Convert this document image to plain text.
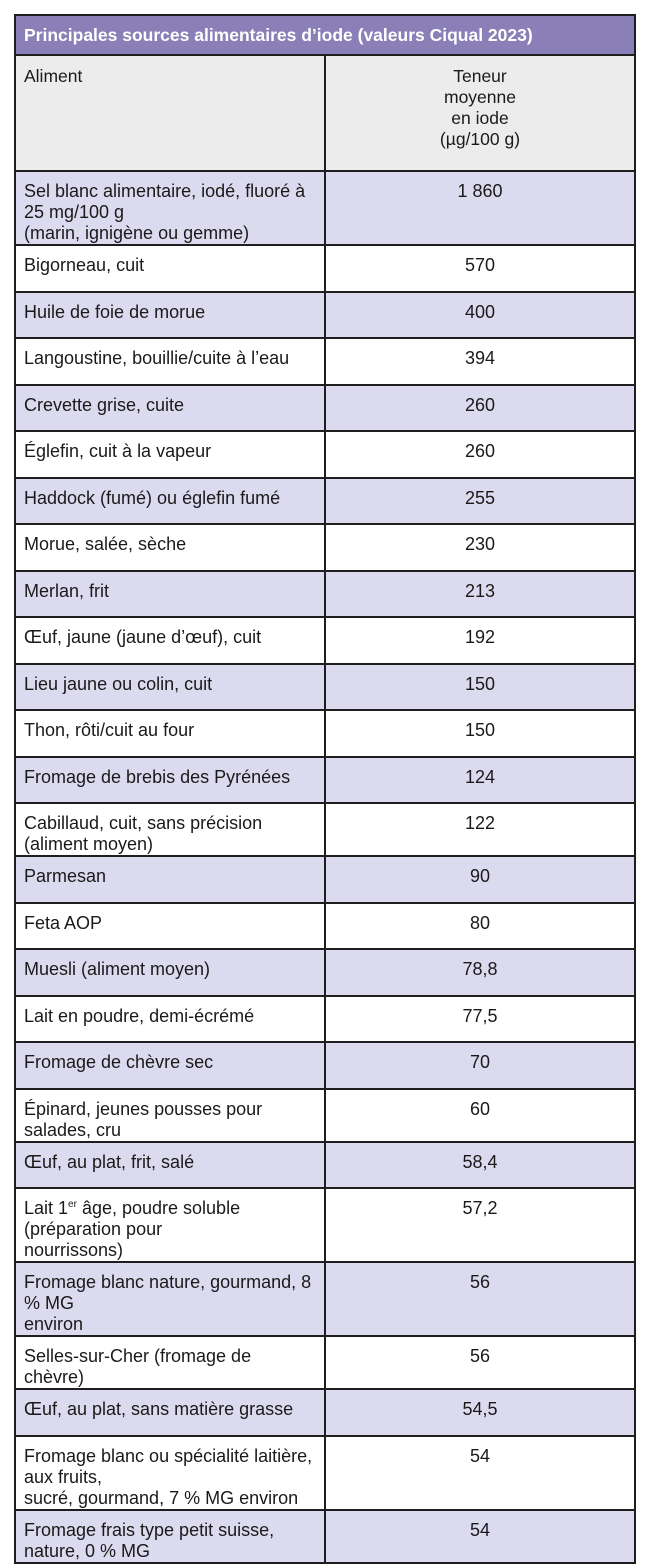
Principales sources alimentaires d’iode (valeurs Ciqual 2023)	
Aliment	Teneur
moyenne
en iode
(µg/100 g)

Sel blanc alimentaire, iodé, fluoré à 25 mg/100 g
(marin, ignigène ou gemme)	1 860

Bigorneau, cuit	570

Huile de foie de morue	400

Langoustine, bouillie/cuite à l’eau	394

Crevette grise, cuite	260

Églefin, cuit à la vapeur	260

Haddock (fumé) ou églefin fumé	255

Morue, salée, sèche	230

Merlan, frit	213

Œuf, jaune (jaune d’œuf), cuit	192

Lieu jaune ou colin, cuit	150

Thon, rôti/cuit au four	150

Fromage de brebis des Pyrénées	124

Cabillaud, cuit, sans précision (aliment moyen)	122

Parmesan	90

Feta AOP	80

Muesli (aliment moyen)	78,8

Lait en poudre, demi-écrémé	77,5

Fromage de chèvre sec	70

Épinard, jeunes pousses pour salades, cru	60

Œuf, au plat, frit, salé	58,4

Lait 1er âge, poudre soluble (préparation pour
nourrissons)	57,2

Fromage blanc nature, gourmand, 8 % MG
environ	56

Selles-sur-Cher (fromage de chèvre)	56

Œuf, au plat, sans matière grasse	54,5

Fromage blanc ou spécialité laitière, aux fruits,
sucré, gourmand, 7 % MG environ	54

Fromage frais type petit suisse, nature, 0 % MG	54
